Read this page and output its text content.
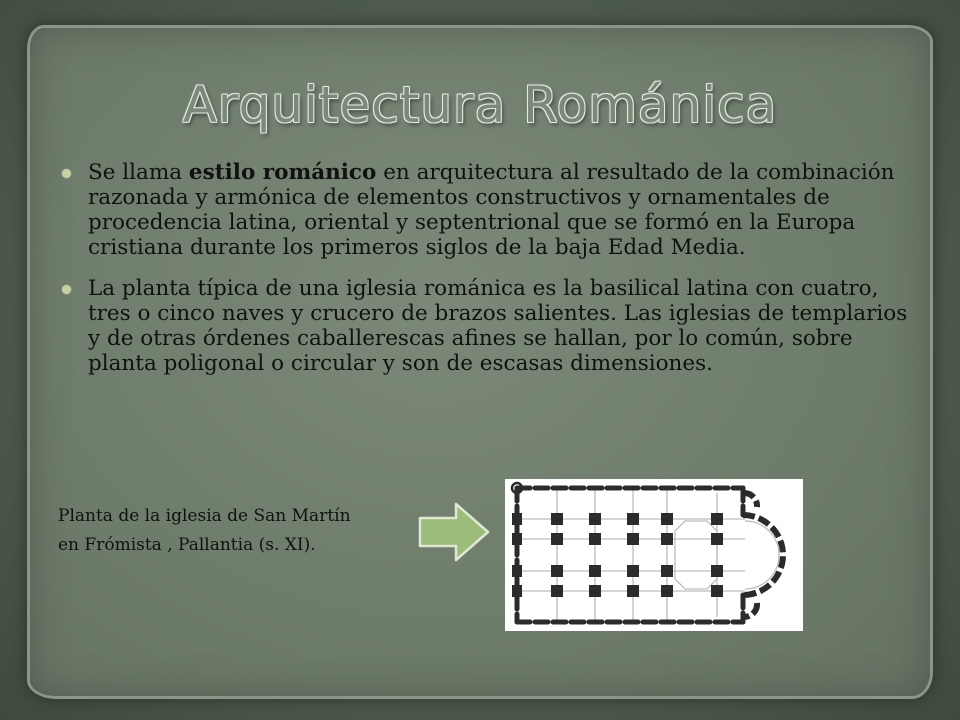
Arquitectura Románica
Se llama estilo románico en arquitectura al resultado de la combinación razonada y armónica de elementos constructivos y ornamentales de procedencia latina, oriental y septentrional que se formó en la Europa cristiana durante los primeros siglos de la baja Edad Media.
La planta típica de una iglesia románica es la basilical latina con cuatro, tres o cinco naves y crucero de brazos salientes. Las iglesias de templarios y de otras órdenes caballerescas afines se hallan, por lo común, sobre planta poligonal o circular y son de escasas dimensiones.
Planta de la iglesia de San Martín
en Frómista , Pallantia (s. XI).
